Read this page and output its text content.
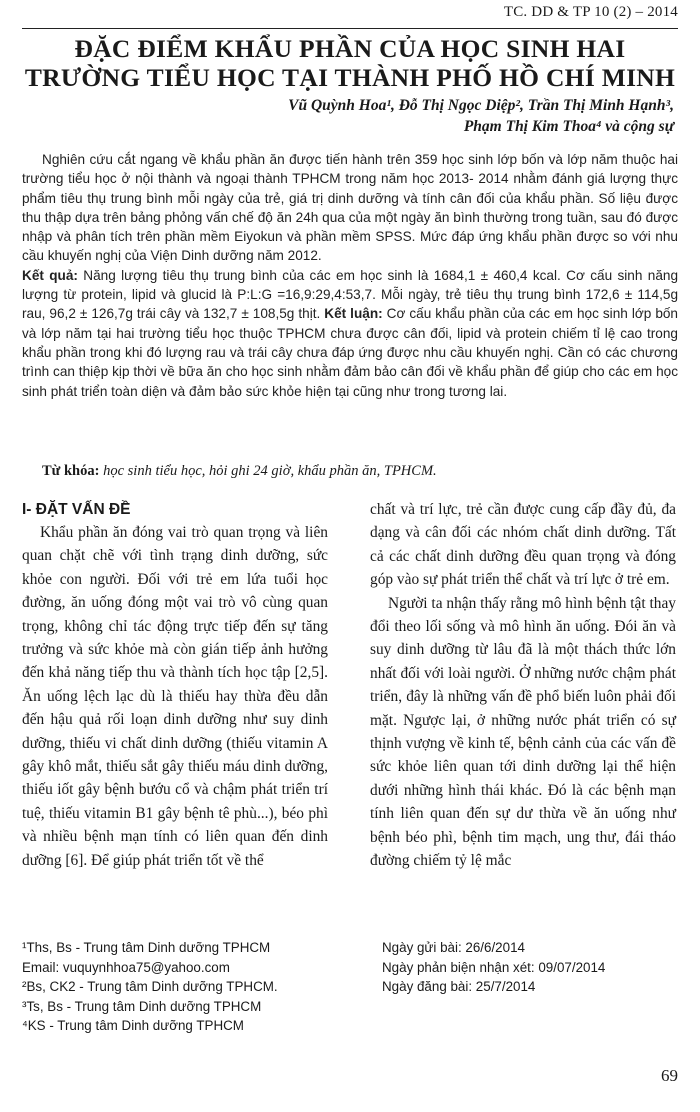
TC. DD & TP 10 (2) – 2014
ĐẶC ĐIỂM KHẨU PHẦN CỦA HỌC SINH HAI
TRƯỜNG TIỂU HỌC TẠI THÀNH PHỐ HỒ CHÍ MINH
Vũ Quỳnh Hoa¹, Đỗ Thị Ngọc Diệp², Trần Thị Minh Hạnh³,
Phạm Thị Kim Thoa⁴ và cộng sự

Nghiên cứu cắt ngang về khẩu phần ăn được tiến hành trên 359 học sinh lớp bốn và lớp năm thuộc hai trường tiểu học ở nội thành và ngoại thành TPHCM trong năm học 2013- 2014 nhằm đánh giá lượng thực phẩm tiêu thụ trung bình mỗi ngày của trẻ, giá trị dinh dưỡng và tính cân đối của khẩu phần. Số liệu được thu thập dựa trên bảng phỏng vấn chế độ ăn 24h qua của một ngày ăn bình thường trong tuần, sau đó được nhập và phân tích trên phần mềm Eiyokun và phần mềm SPSS. Mức đáp ứng khẩu phần được so với nhu cầu khuyến nghị của Viện Dinh dưỡng năm 2012.
Kết quả: Năng lượng tiêu thụ trung bình của các em học sinh là 1684,1 ± 460,4 kcal. Cơ cấu sinh năng lượng từ protein, lipid và glucid là P:L:G =16,9:29,4:53,7. Mỗi ngày, trẻ tiêu thụ trung bình 172,6 ± 114,5g rau, 96,2 ± 126,7g trái cây và 132,7 ± 108,5g thịt. Kết luận: Cơ cấu khẩu phần của các em học sinh lớp bốn và lớp năm tại hai trường tiểu học thuộc TPHCM chưa được cân đối, lipid và protein chiếm tỉ lệ cao trong khẩu phần trong khi đó lượng rau và trái cây chưa đáp ứng được nhu cầu khuyến nghị. Cần có các chương trình can thiệp kịp thời về bữa ăn cho học sinh nhằm đảm bảo cân đối về khẩu phần để giúp cho các em học sinh phát triển toàn diện và đảm bảo sức khỏe hiện tại cũng như trong tương lai.

Từ khóa: học sinh tiểu học, hỏi ghi 24 giờ, khẩu phần ăn, TPHCM.
I- ĐẶT VẤN ĐỀ

Khẩu phần ăn đóng vai trò quan trọng và liên quan chặt chẽ với tình trạng dinh dưỡng, sức khỏe con người. Đối với trẻ em lứa tuổi học đường, ăn uống đóng một vai trò vô cùng quan trọng, không chỉ tác động trực tiếp đến sự tăng trưởng và sức khỏe mà còn gián tiếp ảnh hưởng đến khả năng tiếp thu và thành tích học tập [2,5]. Ăn uống lệch lạc dù là thiếu hay thừa đều dẫn đến hậu quả rối loạn dinh dưỡng như suy dinh dưỡng, thiếu vi chất dinh dưỡng (thiếu vitamin A gây khô mắt, thiếu sắt gây thiếu máu dinh dưỡng, thiếu iốt gây bệnh bướu cổ và chậm phát triển trí tuệ, thiếu vitamin B1 gây bệnh tê phù...), béo phì và nhiều bệnh mạn tính có liên quan đến dinh dưỡng [6]. Để giúp phát triển tốt về thể

chất và trí lực, trẻ cần được cung cấp đầy đủ, đa dạng và cân đối các nhóm chất dinh dưỡng. Tất cả các chất dinh dưỡng đều quan trọng và đóng góp vào sự phát triển thể chất và trí lực ở trẻ em.

Người ta nhận thấy rằng mô hình bệnh tật thay đổi theo lối sống và mô hình ăn uống. Đói ăn và suy dinh dưỡng từ lâu đã là một thách thức lớn nhất đối với loài người. Ở những nước chậm phát triển, đây là những vấn đề phổ biến luôn phải đối mặt. Ngược lại, ở những nước phát triển có sự thịnh vượng về kinh tế, bệnh cảnh của các vấn đề sức khỏe liên quan tới dinh dưỡng lại thể hiện dưới những hình thái khác. Đó là các bệnh mạn tính liên quan đến sự dư thừa về ăn uống như bệnh béo phì, bệnh tim mạch, ung thư, đái tháo đường chiếm tỷ lệ mắc

¹Ths, Bs - Trung tâm Dinh dưỡng TPHCM
Email: vuquynhhoa75@yahoo.com
²Bs, CK2 - Trung tâm Dinh dưỡng TPHCM.
³Ts, Bs - Trung tâm Dinh dưỡng TPHCM
⁴KS - Trung tâm Dinh dưỡng TPHCM
Ngày gửi bài: 26/6/2014
Ngày phản biện nhận xét: 09/07/2014
Ngày đăng bài: 25/7/2014
69
